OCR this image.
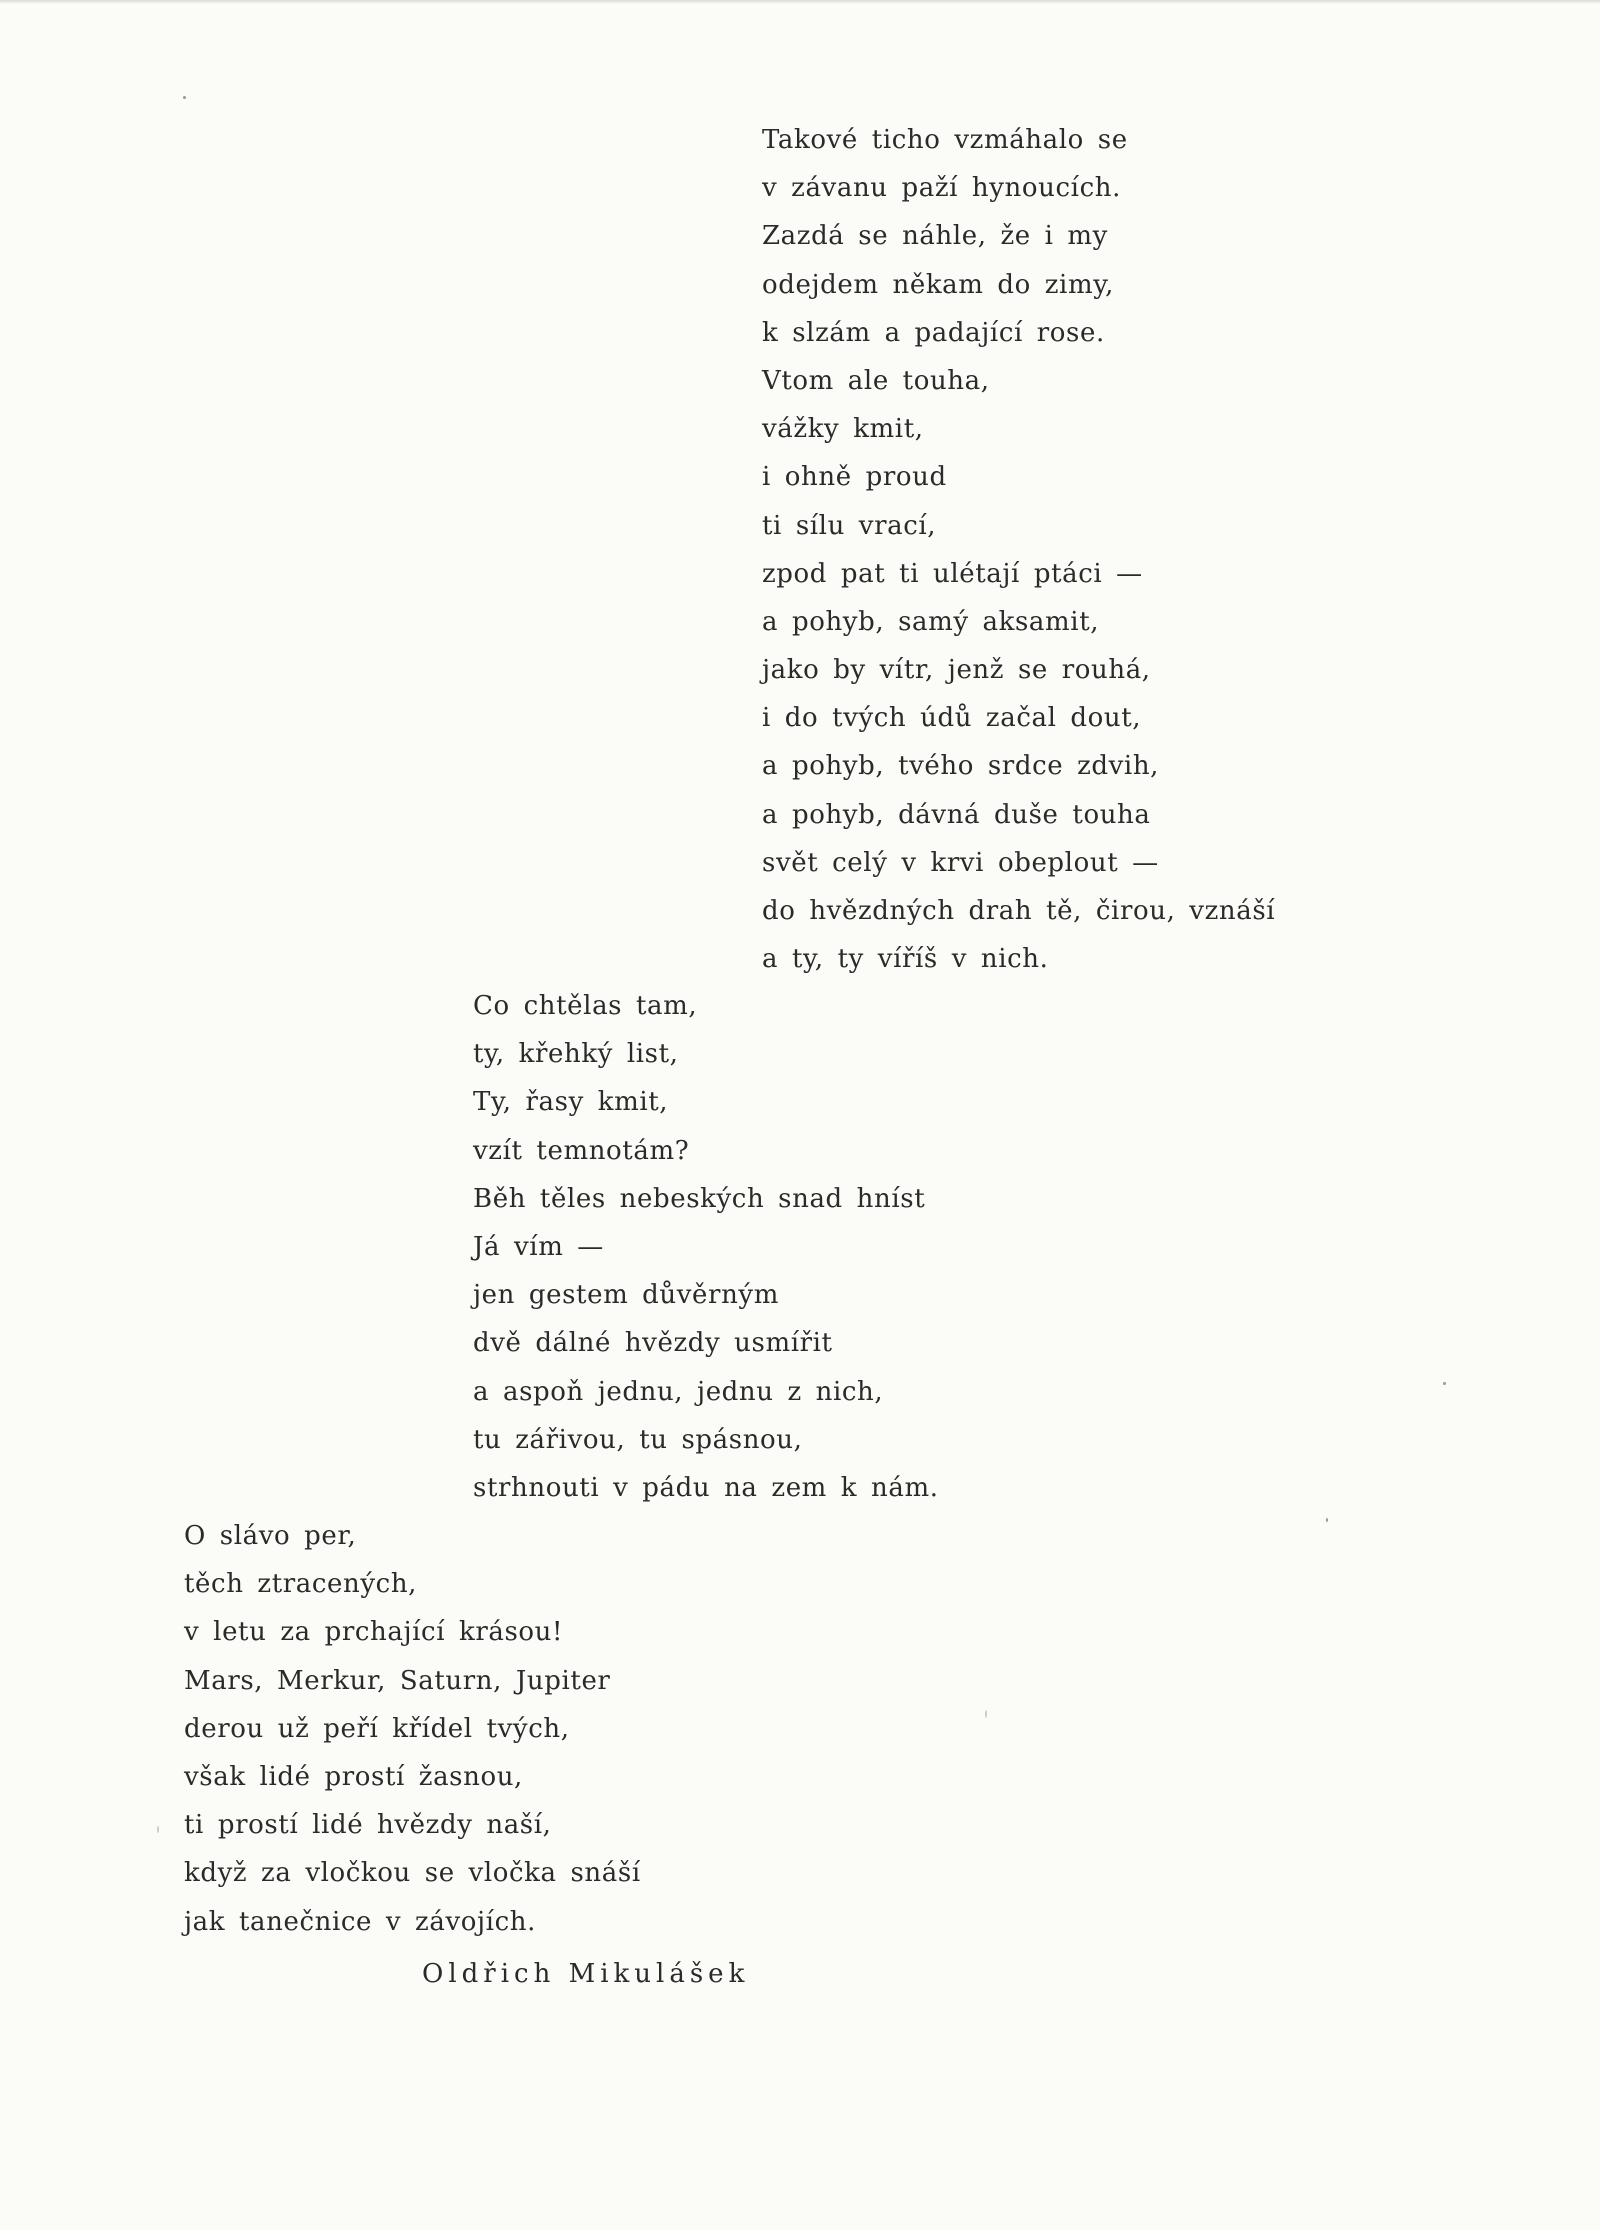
Takové ticho vzmáhalo se
v závanu paží hynoucích.
Zazdá se náhle, že i my
odejdem někam do zimy,
k slzám a padající rose.
Vtom ale touha,
vážky kmit,
i ohně proud
ti sílu vrací,
zpod pat ti ulétají ptáci —
a pohyb, samý aksamit,
jako by vítr, jenž se rouhá,
i do tvých údů začal dout,
a pohyb, tvého srdce zdvih,
a pohyb, dávná duše touha
svět celý v krvi obeplout —
do hvězdných drah tě, čirou, vznáší
a ty, ty víříš v nich.
Co chtělas tam,
ty, křehký list,
Ty, řasy kmit,
vzít temnotám?
Běh těles nebeských snad hníst
Já vím —
jen gestem důvěrným
dvě dálné hvězdy usmířit
a aspoň jednu, jednu z nich,
tu zářivou, tu spásnou,
strhnouti v pádu na zem k nám.
O slávo per,
těch ztracených,
v letu za prchající krásou!
Mars, Merkur, Saturn, Jupiter
derou už peří křídel tvých,
však lidé prostí žasnou,
ti prostí lidé hvězdy naší,
když za vločkou se vločka snáší
jak tanečnice v závojích.
Oldřich Mikulášek
